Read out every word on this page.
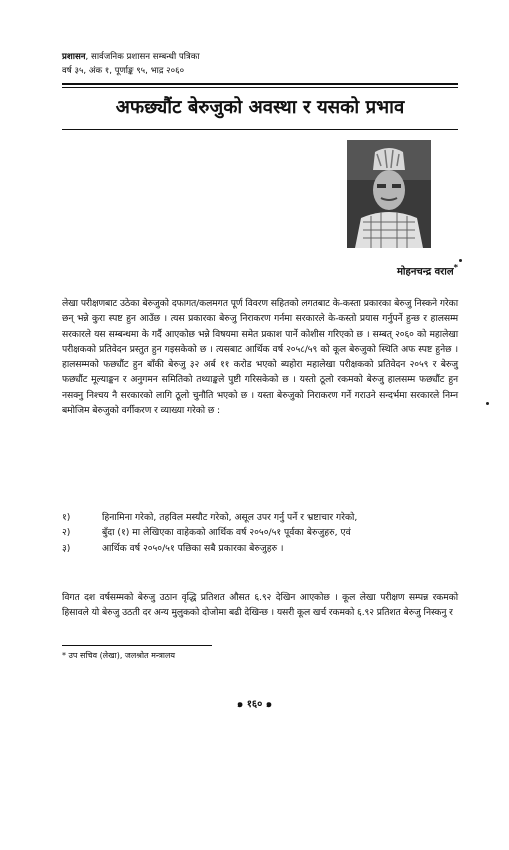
प्रशासन, सार्वजनिक प्रशासन सम्बन्धी पत्रिका
वर्ष ३५, अंक १, पूर्णाङ्क ९५, भाद्र २०६०
अफछ्यौंट बेरुजुको अवस्था र यसको प्रभाव
मोहनचन्द्र वराल*
लेखा परीक्षणबाट उठेका बेरुजुको दफागत/कलमगत पूर्ण विवरण सहितको लगतबाट के-कस्ता प्रकारका बेरुजु निस्कने गरेका छन् भन्ने कुरा स्पष्ट हुन आउँछ । त्यस प्रकारका बेरुजु निराकरण गर्नमा सरकारले के-कस्तो प्रयास गर्नुपर्ने हुन्छ र हालसम्म सरकारले यस सम्बन्धमा के गर्दै आएकोछ भन्ने विषयमा समेत प्रकाश पार्ने कोशीस गरिएको छ । सम्बत् २०६० को महालेखा परीक्षकको प्रतिवेदन प्रस्तुत हुन गइसकेको छ । त्यसबाट आर्थिक वर्ष २०५८/५९ को कूल बेरुजुको स्थिति अफ स्पष्ट हुनेछ । हालसम्मको फछ्यौंट हुन बाँकी बेरुजु ३२ अर्ब ११ करोड भएको ब्यहोरा महालेखा परीक्षकको प्रतिवेदन २०५९ र बेरुजु फछ्यौंट मूल्याङ्कन र अनुगमन समितिको तथ्याङ्कले पुष्टी गरिसकेको छ । यस्तो ठूलो रकमको बेरुजु हालसम्म फछ्यौंट हुन नसक्नु निश्चय नै सरकारको लागि ठूलो चुनौति भएको छ । यस्ता बेरुजुको निराकरण गर्ने गराउने सन्दर्भमा सरकारले निम्न बमोजिम बेरुजुको वर्गीकरण र व्याख्या गरेको छ :
१)	हिनामिना गरेको, तहविल मस्यौट गरेको, असूल उपर गर्नु पर्ने र भ्रष्टाचार गरेको,
२)	बुँदा (१) मा लेखिएका वाहेकको आर्थिक वर्ष २०५०/५१ पूर्वका बेरुजुहरु, एवं
३)	आर्थिक वर्ष २०५०/५१ पछिका सबै प्रकारका बेरुजुहरु ।
विगत दश वर्षसम्मको बेरुजु उठान वृद्धि प्रतिशत औसत ६.९२ देखिन आएकोछ । कूल लेखा परीक्षण सम्पन्न रकमको हिसावले यो बेरुजु उठती दर अन्य मुलुकको दोजोमा बढी देखिन्छ । यसरी कूल खर्च रकमको ६.९२ प्रतिशत बेरुजु निस्कनु र
* उप सचिव (लेखा), जलश्रोत मन्त्रालय
๑ १६० ๑
